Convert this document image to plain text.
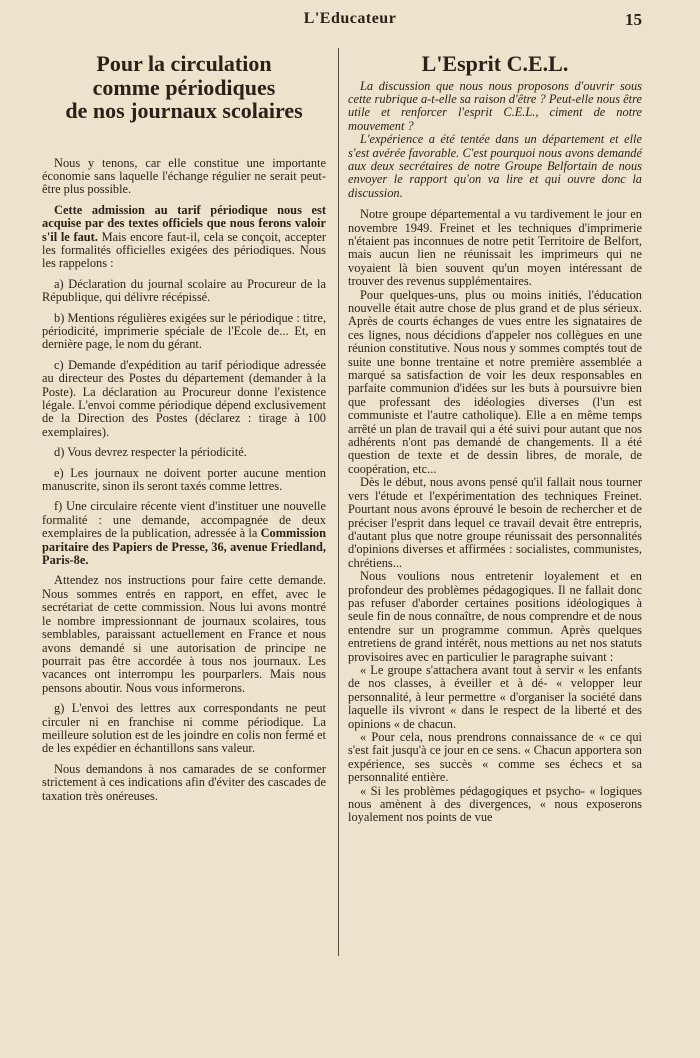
L'Educateur	15
Pour la circulation
comme périodiques
de nos journaux scolaires

Nous y tenons, car elle constitue une importante économie sans laquelle l'échange régulier ne serait peut-être plus possible.

Cette admission au tarif périodique nous est acquise par des textes officiels que nous ferons valoir s'il le faut. Mais encore faut-il, cela se conçoit, accepter les formalités officielles exigées des périodiques. Nous les rappelons :

a) Déclaration du journal scolaire au Procureur de la République, qui délivre récépissé.

b) Mentions régulières exigées sur le périodique : titre, périodicité, imprimerie spéciale de l'Ecole de... Et, en dernière page, le nom du gérant.

c) Demande d'expédition au tarif périodique adressée au directeur des Postes du département (demander à la Poste). La déclaration au Procureur donne l'existence légale. L'envoi comme périodique dépend exclusivement de la Direction des Postes (déclarez : tirage à 100 exemplaires).

d) Vous devrez respecter la périodicité.

e) Les journaux ne doivent porter aucune mention manuscrite, sinon ils seront taxés comme lettres.

f) Une circulaire récente vient d'instituer une nouvelle formalité : une demande, accompagnée de deux exemplaires de la publication, adressée à la Commission paritaire des Papiers de Presse, 36, avenue Friedland, Paris-8e.

Attendez nos instructions pour faire cette demande. Nous sommes entrés en rapport, en effet, avec le secrétariat de cette commission. Nous lui avons montré le nombre impressionnant de journaux scolaires, tous semblables, paraissant actuellement en France et nous avons demandé si une autorisation de principe ne pourrait pas être accordée à tous nos journaux. Les vacances ont interrompu les pourparlers. Mais nous pensons aboutir. Nous vous informerons.

g) L'envoi des lettres aux correspondants ne peut circuler ni en franchise ni comme périodique. La meilleure solution est de les joindre en colis non fermé et de les expédier en échantillons sans valeur.

Nous demandons à nos camarades de se conformer strictement à ces indications afin d'éviter des cascades de taxation très onéreuses.

L'Esprit C.E.L.

La discussion que nous nous proposons d'ouvrir sous cette rubrique a-t-elle sa raison d'être ? Peut-elle nous être utile et renforcer l'esprit C.E.L., ciment de notre mouvement ?

L'expérience a été tentée dans un département et elle s'est avérée favorable. C'est pourquoi nous avons demandé aux deux secrétaires de notre Groupe Belfortain de nous envoyer le rapport qu'on va lire et qui ouvre donc la discussion.

Notre groupe départemental a vu tardivement le jour en novembre 1949. Freinet et les techniques d'imprimerie n'étaient pas inconnues de notre petit Territoire de Belfort, mais aucun lien ne réunissait les imprimeurs qui ne voyaient là bien souvent qu'un moyen intéressant de trouver des revenus supplémentaires.

Pour quelques-uns, plus ou moins initiés, l'éducation nouvelle était autre chose de plus grand et de plus sérieux. Après de courts échanges de vues entre les signataires de ces lignes, nous décidions d'appeler nos collègues en une réunion constitutive. Nous nous y sommes comptés tout de suite une bonne trentaine et notre première assemblée a marqué sa satisfaction de voir les deux responsables en parfaite communion d'idées sur les buts à poursuivre bien que professant des idéologies diverses (l'un est communiste et l'autre catholique). Elle a en même temps arrêté un plan de travail qui a été suivi pour autant que nos adhérents n'ont pas demandé de changements. Il a été question de texte et de dessin libres, de morale, de coopération, etc...

Dès le début, nous avons pensé qu'il fallait nous tourner vers l'étude et l'expérimentation des techniques Freinet. Pourtant nous avons éprouvé le besoin de rechercher et de préciser l'esprit dans lequel ce travail devait être entrepris, d'autant plus que notre groupe réunissait des personnalités d'opinions diverses et affirmées : socialistes, communistes, chrétiens...

Nous voulions nous entretenir loyalement et en profondeur des problèmes pédagogiques. Il ne fallait donc pas refuser d'aborder certaines positions idéologiques à seule fin de nous connaître, de nous comprendre et de nous entendre sur un programme commun. Après quelques entretiens de grand intérêt, nous mettions au net nos statuts provisoires avec en particulier le paragraphe suivant :

« Le groupe s'attachera avant tout à servir « les enfants de nos classes, à éveiller et à dé- « velopper leur personnalité, à leur permettre « d'organiser la société dans laquelle ils vivront « dans le respect de la liberté et des opinions « de chacun.

« Pour cela, nous prendrons connaissance de « ce qui s'est fait jusqu'à ce jour en ce sens. « Chacun apportera son expérience, ses succès « comme ses échecs et sa personnalité entière.

« Si les problèmes pédagogiques et psycho- « logiques nous amènent à des divergences, « nous exposerons loyalement nos points de vue
